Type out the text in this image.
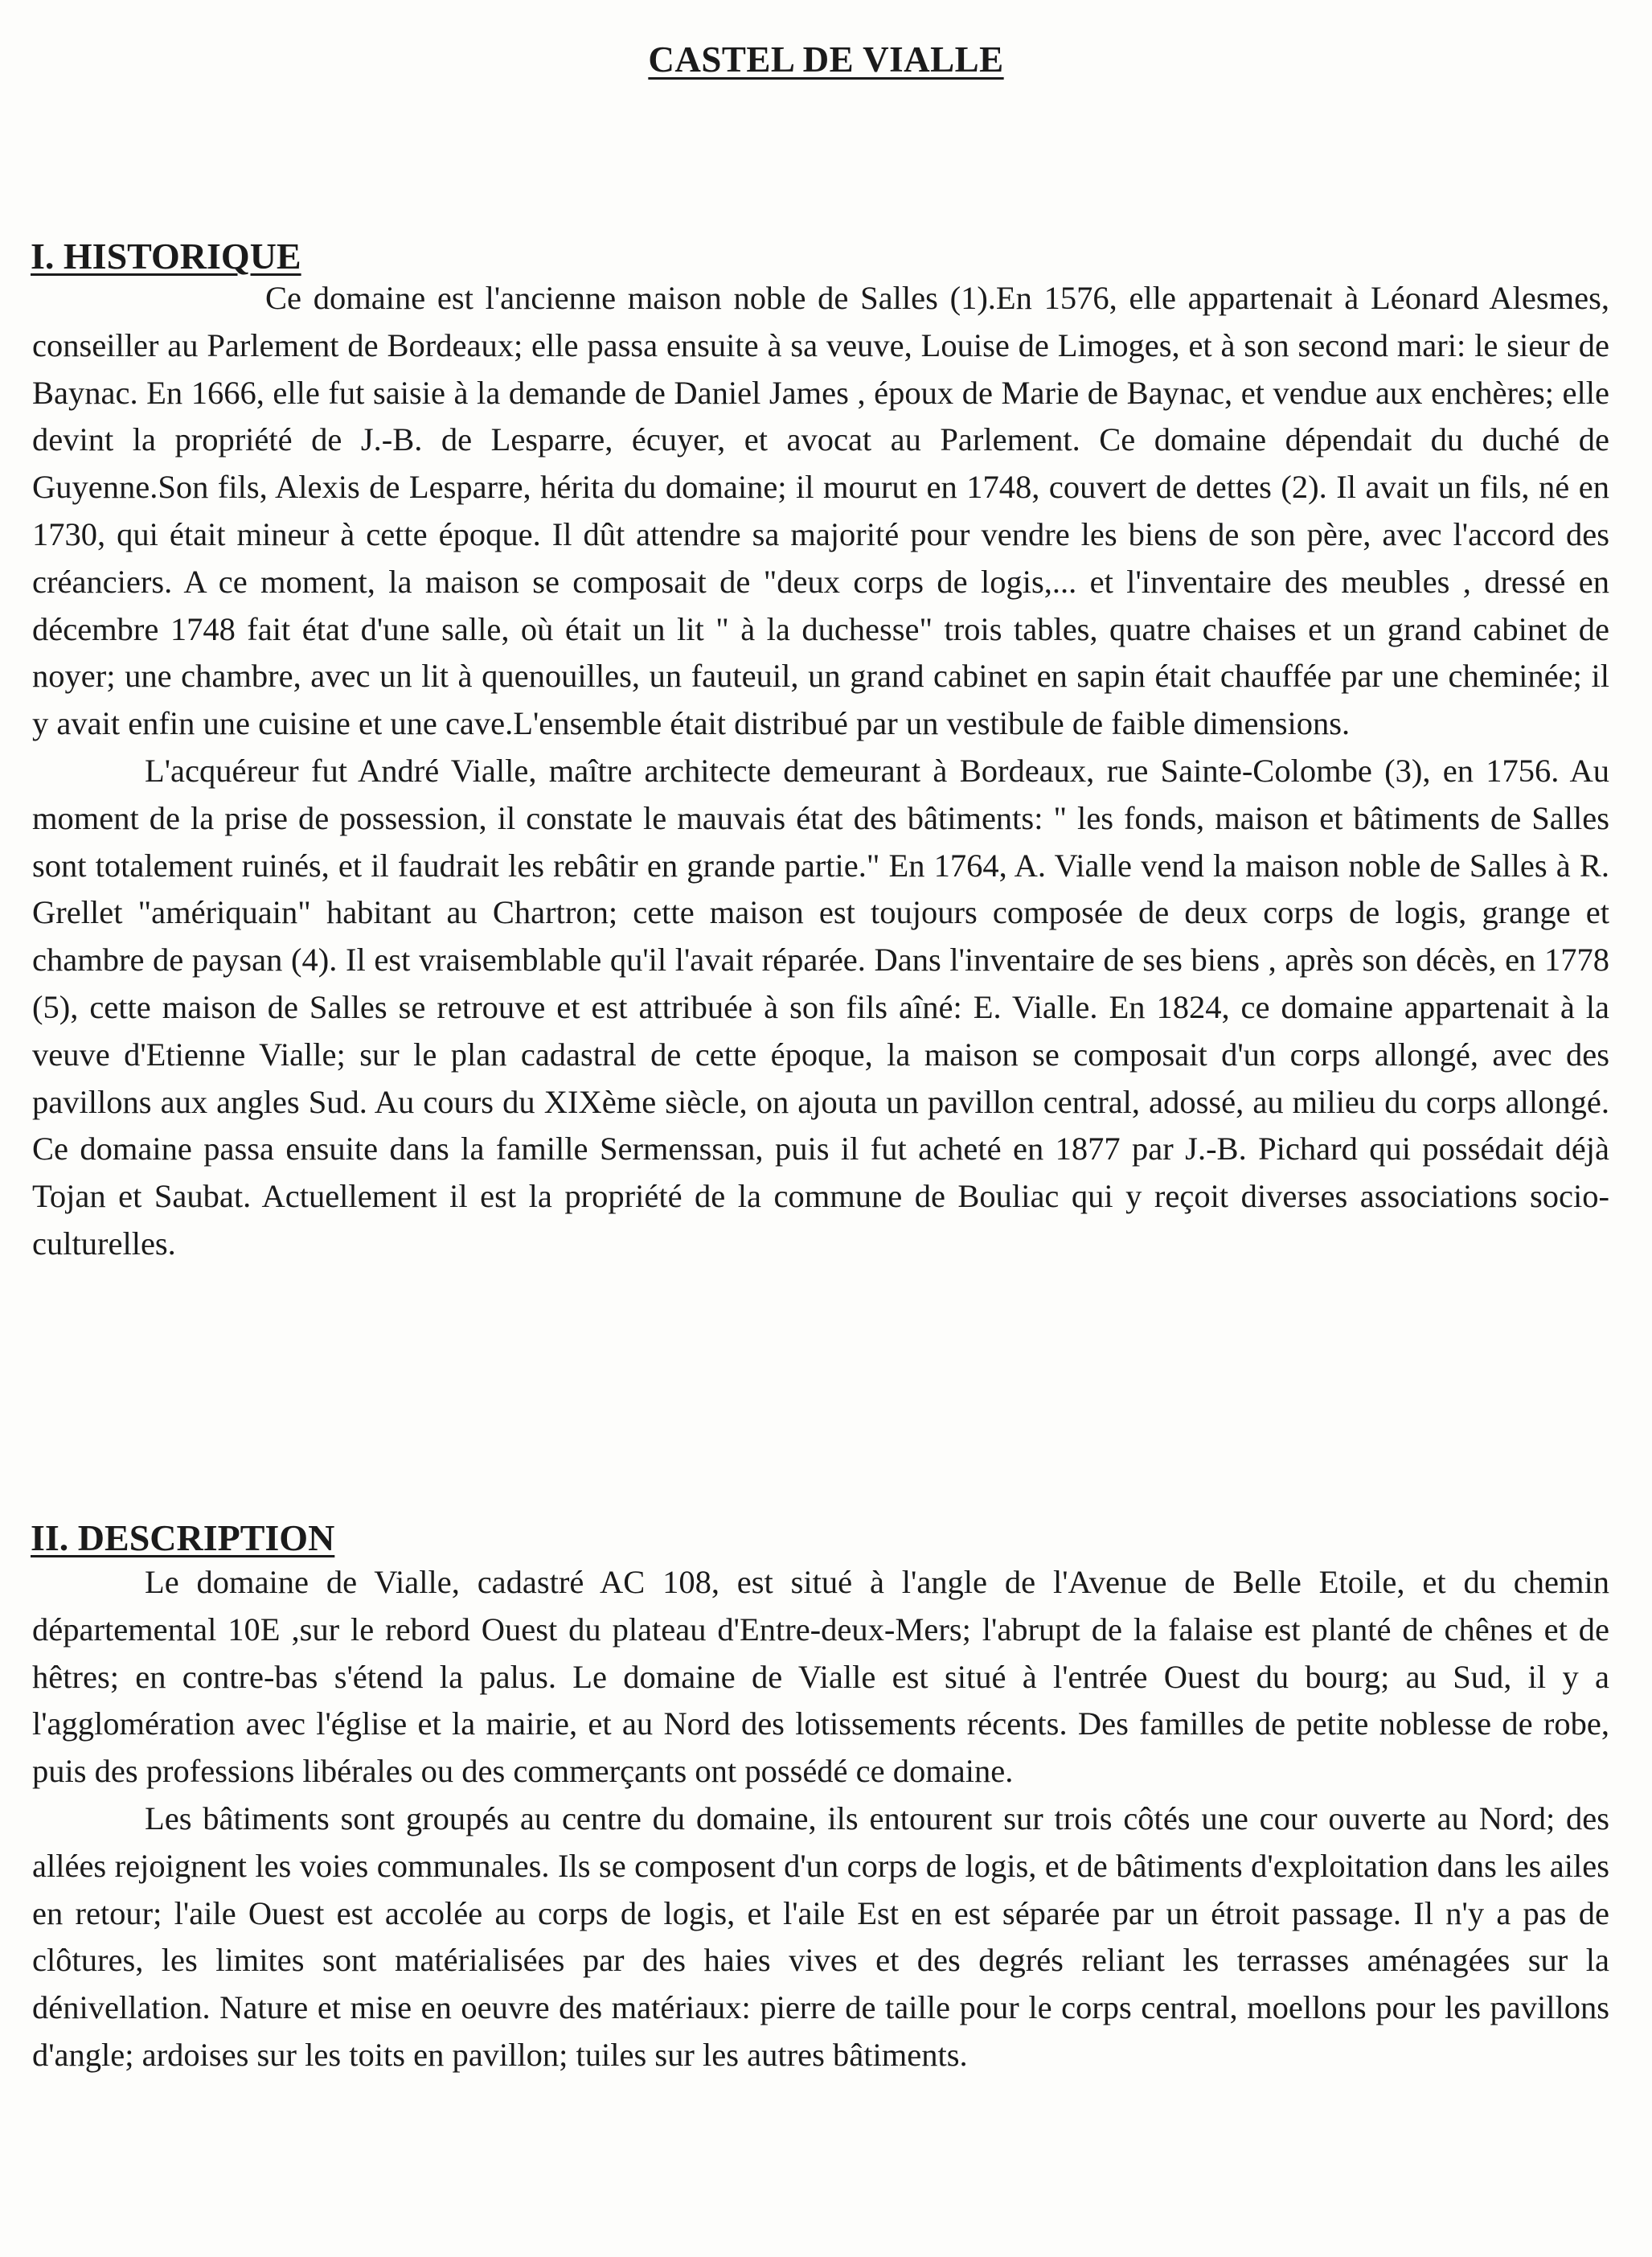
CASTEL DE VIALLE
I. HISTORIQUE

Ce domaine est l'ancienne maison noble de Salles (1).En 1576, elle appartenait à Léonard Alesmes, conseiller au Parlement de Bordeaux; elle passa ensuite à sa veuve, Louise de Limoges, et à son second mari: le sieur de Baynac. En 1666, elle fut saisie à la demande de Daniel James , époux de Marie de Baynac, et vendue aux enchères; elle devint la propriété de J.-B. de Lesparre, écuyer, et avocat au Parlement. Ce domaine dépendait du duché de Guyenne.Son fils, Alexis de Lesparre, hérita du domaine; il mourut en 1748, couvert de dettes (2). Il avait un fils, né en 1730, qui était mineur à cette époque. Il dût attendre sa majorité pour vendre les biens de son père, avec l'accord des créanciers. A ce moment, la maison se composait de "deux corps de logis,... et l'inventaire des meubles , dressé en décembre 1748 fait état d'une salle, où était un lit " à la duchesse" trois tables, quatre chaises et un grand cabinet de noyer; une chambre, avec un lit à quenouilles, un fauteuil, un grand cabinet en sapin était chauffée par une cheminée; il y avait enfin une cuisine et une cave.L'ensemble était distribué par un vestibule de faible dimensions.

L'acquéreur fut André Vialle, maître architecte demeurant à Bordeaux, rue Sainte-Colombe (3), en 1756. Au moment de la prise de possession, il constate le mauvais état des bâtiments: " les fonds, maison et bâtiments de Salles sont totalement ruinés, et il faudrait les rebâtir en grande partie." En 1764, A. Vialle vend la maison noble de Salles à R. Grellet "amériquain" habitant au Chartron; cette maison est toujours composée de deux corps de logis, grange et chambre de paysan (4). Il est vraisemblable qu'il l'avait réparée. Dans l'inventaire de ses biens , après son décès, en 1778 (5), cette maison de Salles se retrouve et est attribuée à son fils aîné: E. Vialle. En 1824, ce domaine appartenait à la veuve d'Etienne Vialle; sur le plan cadastral de cette époque, la maison se composait d'un corps allongé, avec des pavillons aux angles Sud. Au cours du XIXème siècle, on ajouta un pavillon central, adossé, au milieu du corps allongé. Ce domaine passa ensuite dans la famille Sermenssan, puis il fut acheté en 1877 par J.-B. Pichard qui possédait déjà Tojan et Saubat. Actuellement il est la propriété de la commune de Bouliac qui y reçoit diverses associations socio-culturelles.

II. DESCRIPTION

Le domaine de Vialle, cadastré AC 108, est situé à l'angle de l'Avenue de Belle Etoile, et du chemin départemental 10E ,sur le rebord Ouest du plateau d'Entre-deux-Mers; l'abrupt de la falaise est planté de chênes et de hêtres; en contre-bas s'étend la palus. Le domaine de Vialle est situé à l'entrée Ouest du bourg; au Sud, il y a l'agglomération avec l'église et la mairie, et au Nord des lotissements récents. Des familles de petite noblesse de robe, puis des professions libérales ou des commerçants ont possédé ce domaine.

Les bâtiments sont groupés au centre du domaine, ils entourent sur trois côtés une cour ouverte au Nord; des allées rejoignent les voies communales. Ils se composent d'un corps de logis, et de bâtiments d'exploitation dans les ailes en retour; l'aile Ouest est accolée au corps de logis, et l'aile Est en est séparée par un étroit passage. Il n'y a pas de clôtures, les limites sont matérialisées par des haies vives et des degrés reliant les terrasses aménagées sur la dénivellation. Nature et mise en oeuvre des matériaux: pierre de taille pour le corps central, moellons pour les pavillons d'angle; ardoises sur les toits en pavillon; tuiles sur les autres bâtiments.
